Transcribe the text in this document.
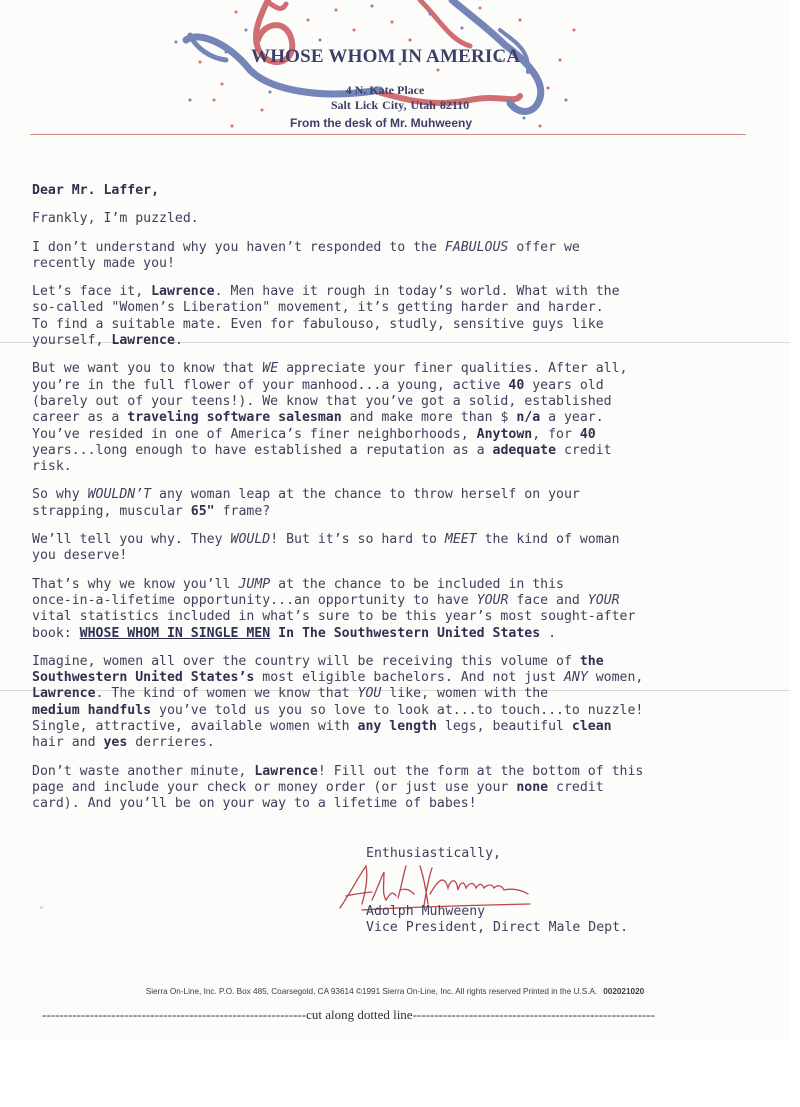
WHOSE WHOM IN AMERICA
4 N. Kate Place
Salt Lick City, Utah 82110
From the desk of Mr. Muhweeny

Dear Mr. Laffer,

Frankly, I’m puzzled.

I don’t understand why you haven’t responded to the FABULOUS offer we
recently made you!

Let’s face it, Lawrence. Men have it rough in today’s world. What with the
so-called "Women’s Liberation" movement, it’s getting harder and harder.
To find a suitable mate. Even for fabulouso, studly, sensitive guys like
yourself, Lawrence.

But we want you to know that WE appreciate your finer qualities. After all,
you’re in the full flower of your manhood...a young, active 40 years old
(barely out of your teens!). We know that you’ve got a solid, established
career as a traveling software salesman and make more than $ n/a a year.
You’ve resided in one of America’s finer neighborhoods, Anytown, for 40
years...long enough to have established a reputation as a adequate credit
risk.

So why WOULDN’T any woman leap at the chance to throw herself on your
strapping, muscular 65" frame?

We’ll tell you why. They WOULD! But it’s so hard to MEET the kind of woman
you deserve!

That’s why we know you’ll JUMP at the chance to be included in this
once-in-a-lifetime opportunity...an opportunity to have YOUR face and YOUR
vital statistics included in what’s sure to be this year’s most sought-after
book: WHOSE WHOM IN SINGLE MEN In The Southwestern United States .

Imagine, women all over the country will be receiving this volume of the
Southwestern United States’s most eligible bachelors. And not just ANY women,
Lawrence. The kind of women we know that YOU like, women with the
medium handfuls you’ve told us you so love to look at...to touch...to nuzzle!
Single, attractive, available women with any length legs, beautiful clean
hair and yes derrieres.

Don’t waste another minute, Lawrence! Fill out the form at the bottom of this
page and include your check or money order (or just use your none credit
card). And you’ll be on your way to a lifetime of babes!

Enthusiastically,
Adolph Muhweeny
Vice President, Direct Male Dept.
Sierra On-Line, Inc. P.O. Box 485, Coarsegold, CA 93614 ©1991 Sierra On-Line, Inc. All rights reserved Printed in the U.S.A. 002021020
-------------------------------------------------------------cut along dotted line--------------------------------------------------------
